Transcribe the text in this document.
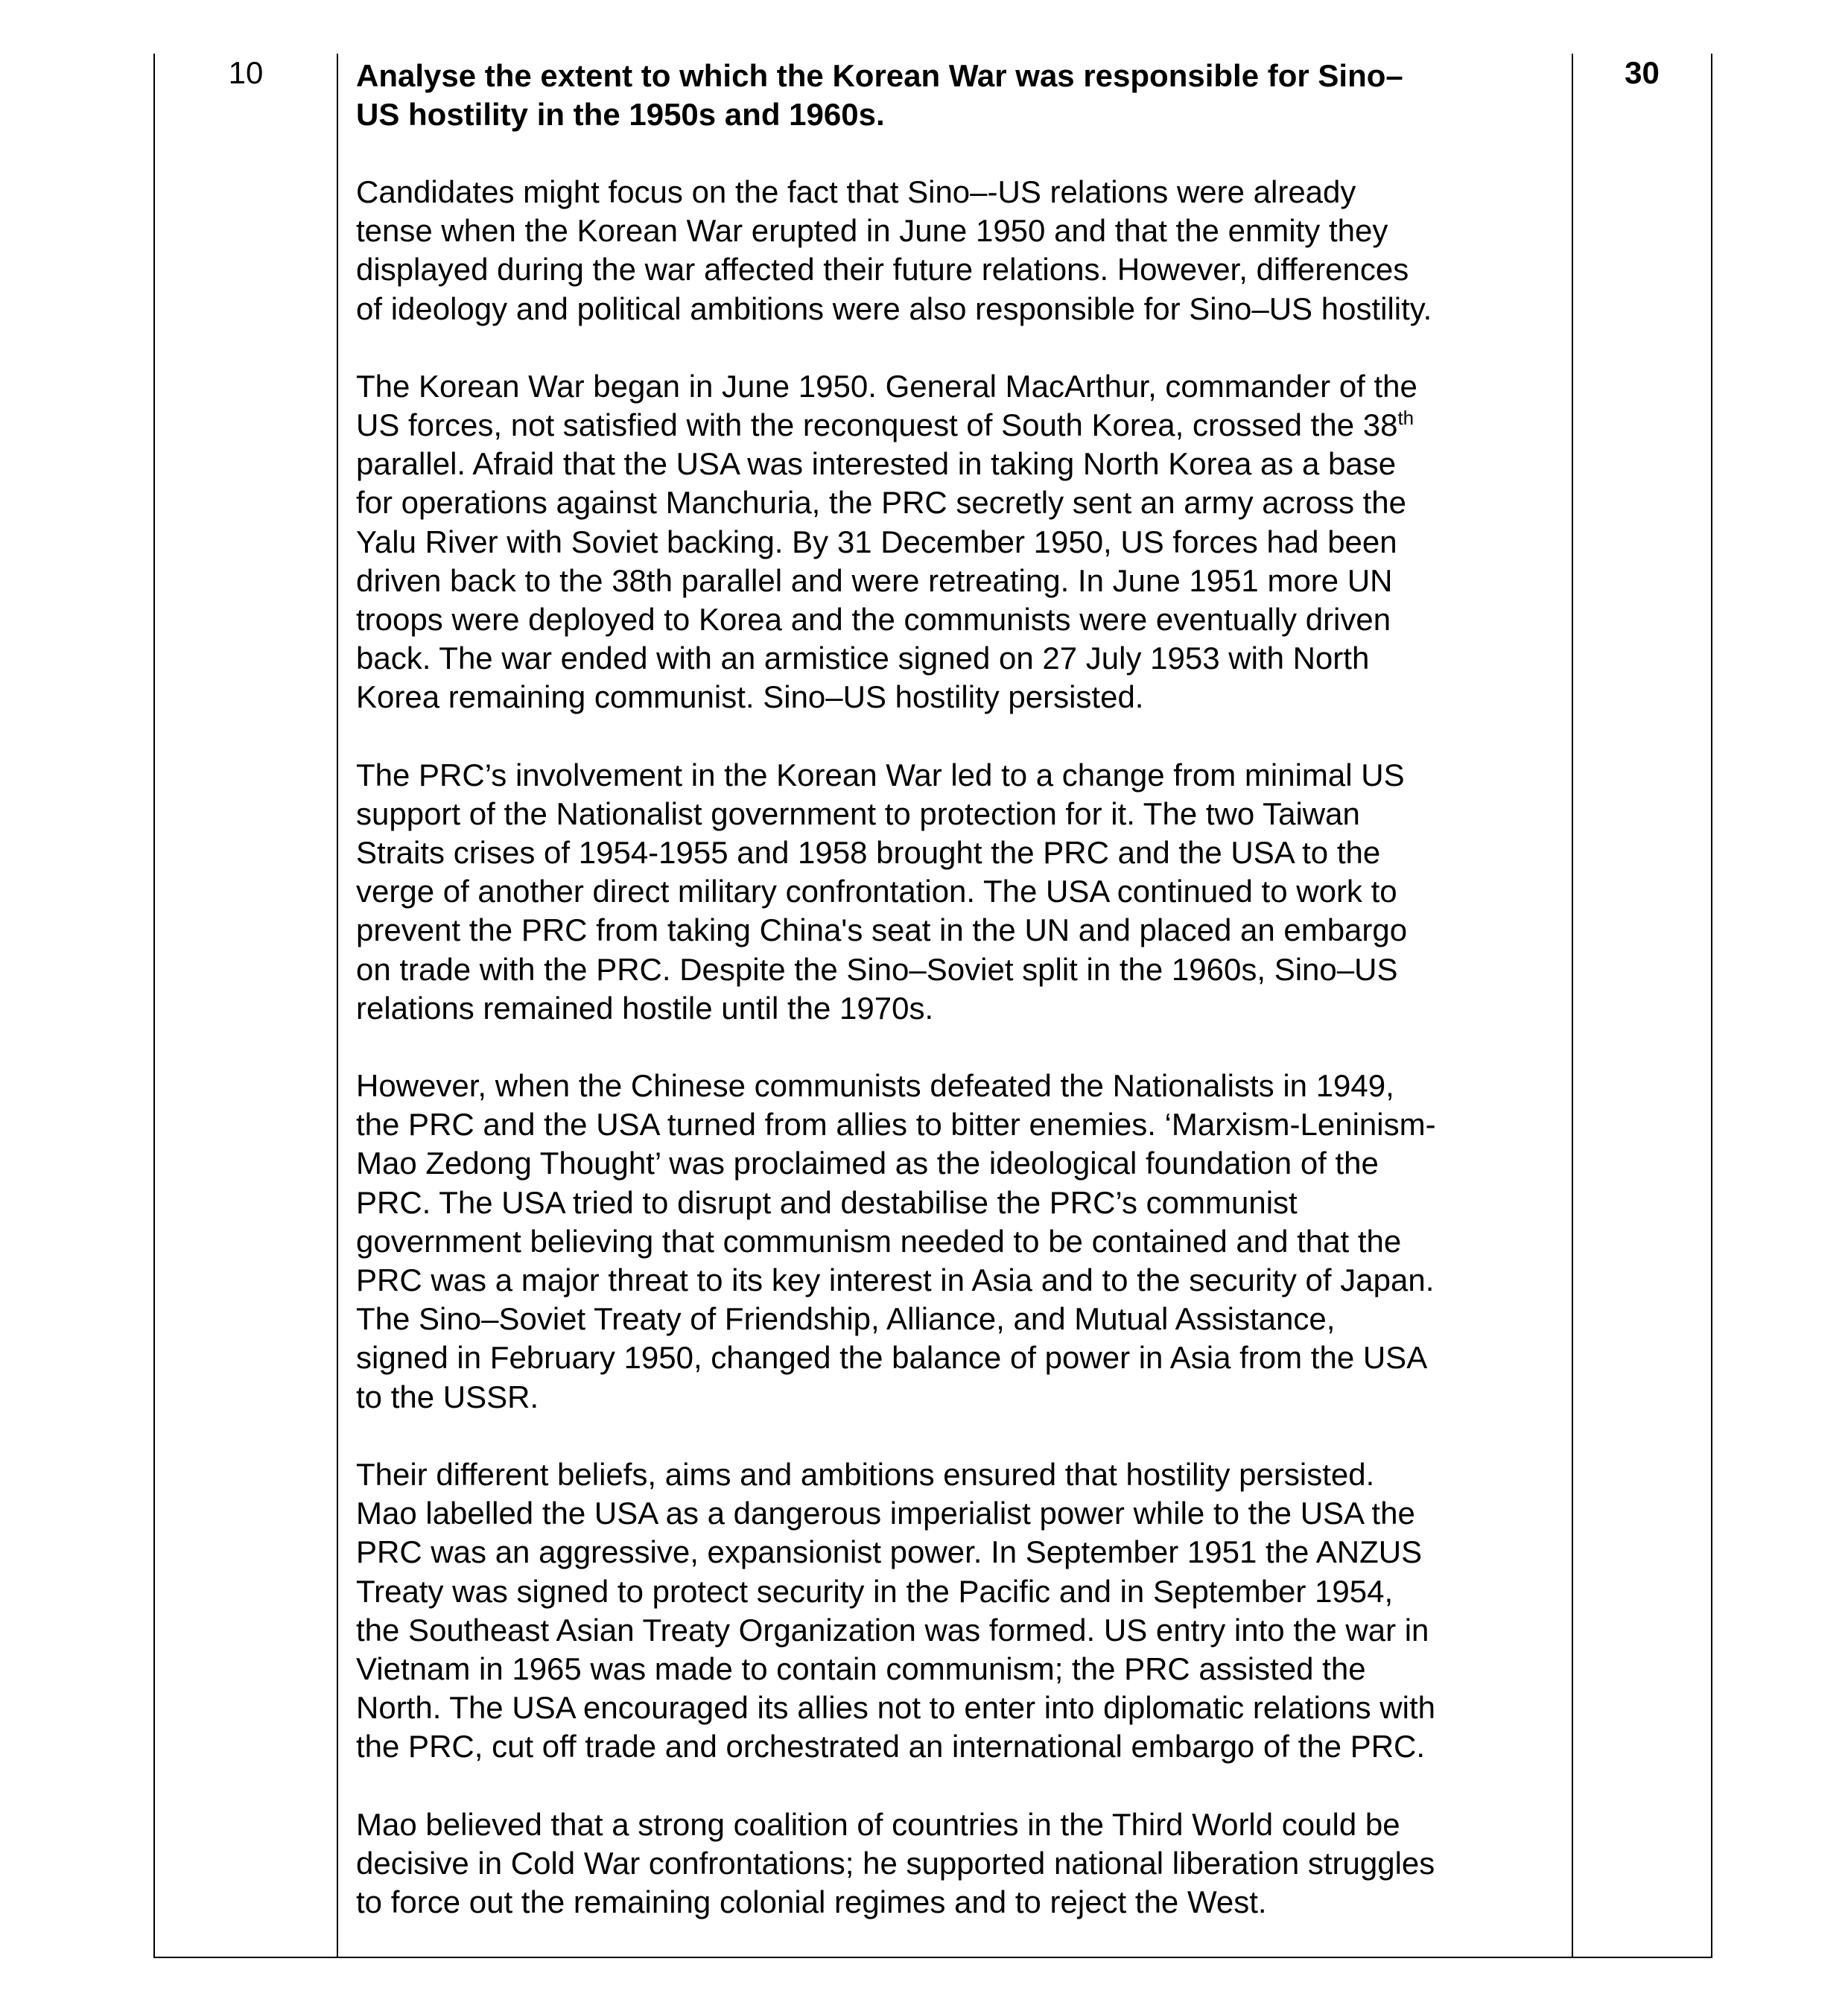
10	Analyse the extent to which the Korean War was responsible for Sino–
US hostility in the 1950s and 1960s.
Candidates might focus on the fact that Sino–-US relations were already
tense when the Korean War erupted in June 1950 and that the enmity they
displayed during the war affected their future relations. However, differences
of ideology and political ambitions were also responsible for Sino–US hostility.
The Korean War began in June 1950. General MacArthur, commander of the
US forces, not satisfied with the reconquest of South Korea, crossed the 38th
parallel. Afraid that the USA was interested in taking North Korea as a base
for operations against Manchuria, the PRC secretly sent an army across the
Yalu River with Soviet backing. By 31 December 1950, US forces had been
driven back to the 38th parallel and were retreating. In June 1951 more UN
troops were deployed to Korea and the communists were eventually driven
back. The war ended with an armistice signed on 27 July 1953 with North
Korea remaining communist. Sino–US hostility persisted.
The PRC’s involvement in the Korean War led to a change from minimal US
support of the Nationalist government to protection for it. The two Taiwan
Straits crises of 1954-1955 and 1958 brought the PRC and the USA to the
verge of another direct military confrontation. The USA continued to work to
prevent the PRC from taking China's seat in the UN and placed an embargo
on trade with the PRC. Despite the Sino–Soviet split in the 1960s, Sino–US
relations remained hostile until the 1970s.
However, when the Chinese communists defeated the Nationalists in 1949,
the PRC and the USA turned from allies to bitter enemies. ‘Marxism-Leninism-
Mao Zedong Thought’ was proclaimed as the ideological foundation of the
PRC. The USA tried to disrupt and destabilise the PRC’s communist
government believing that communism needed to be contained and that the
PRC was a major threat to its key interest in Asia and to the security of Japan.
The Sino–Soviet Treaty of Friendship, Alliance, and Mutual Assistance,
signed in February 1950, changed the balance of power in Asia from the USA
to the USSR.
Their different beliefs, aims and ambitions ensured that hostility persisted.
Mao labelled the USA as a dangerous imperialist power while to the USA the
PRC was an aggressive, expansionist power. In September 1951 the ANZUS
Treaty was signed to protect security in the Pacific and in September 1954,
the Southeast Asian Treaty Organization was formed. US entry into the war in
Vietnam in 1965 was made to contain communism; the PRC assisted the
North. The USA encouraged its allies not to enter into diplomatic relations with
the PRC, cut off trade and orchestrated an international embargo of the PRC.
Mao believed that a strong coalition of countries in the Third World could be
decisive in Cold War confrontations; he supported national liberation struggles
to force out the remaining colonial regimes and to reject the West.
	30
